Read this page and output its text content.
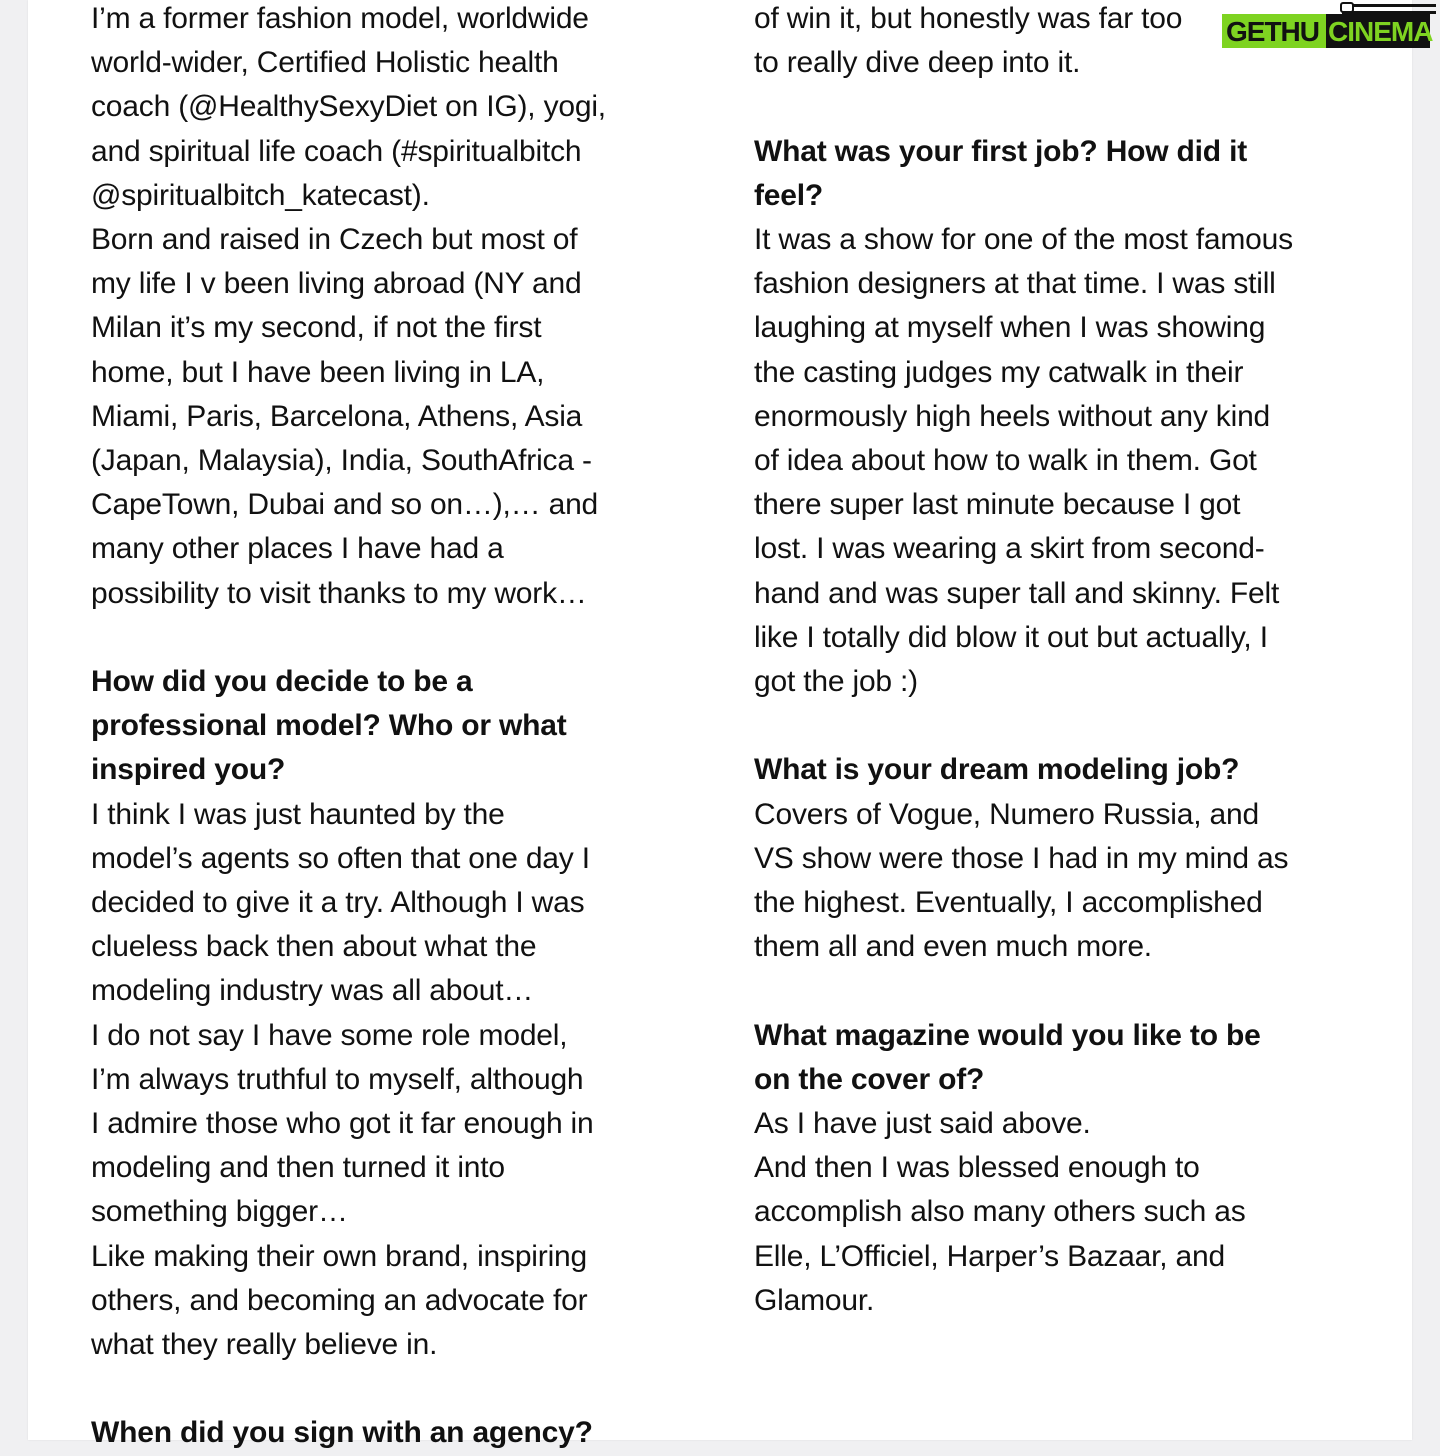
I’m a former fashion model, worldwide

world-wider, Certified Holistic health

coach (@HealthySexyDiet on IG), yogi,

and spiritual life coach (#spiritualbitch

@spiritualbitch_katecast).

Born and raised in Czech but most of

my life I v been living abroad (NY and

Milan it’s my second, if not the first

home, but I have been living in LA,

Miami, Paris, Barcelona, Athens, Asia

(Japan, Malaysia), India, SouthAfrica -

CapeTown, Dubai and so on…),… and

many other places I have had a

possibility to visit thanks to my work…

How did you decide to be a

professional model? Who or what

inspired you?

I think I was just haunted by the

model’s agents so often that one day I

decided to give it a try. Although I was

clueless back then about what the

modeling industry was all about…

I do not say I have some role model,

I’m always truthful to myself, although

I admire those who got it far enough in

modeling and then turned it into

something bigger…

Like making their own brand, inspiring

others, and becoming an advocate for

what they really believe in.

When did you sign with an agency?

of win it, but honestly was far too

to really dive deep into it.

What was your first job? How did it

feel?

It was a show for one of the most famous

fashion designers at that time. I was still

laughing at myself when I was showing

the casting judges my catwalk in their

enormously high heels without any kind

of idea about how to walk in them. Got

there super last minute because I got

lost. I was wearing a skirt from second-

hand and was super tall and skinny. Felt

like I totally did blow it out but actually, I

got the job :)

What is your dream modeling job?

Covers of Vogue, Numero Russia, and

VS show were those I had in my mind as

the highest. Eventually, I accomplished

them all and even much more.

What magazine would you like to be

on the cover of?

As I have just said above.

And then I was blessed enough to

accomplish also many others such as

Elle, L’Officiel, Harper’s Bazaar, and

Glamour.

GETHU CINEMA
